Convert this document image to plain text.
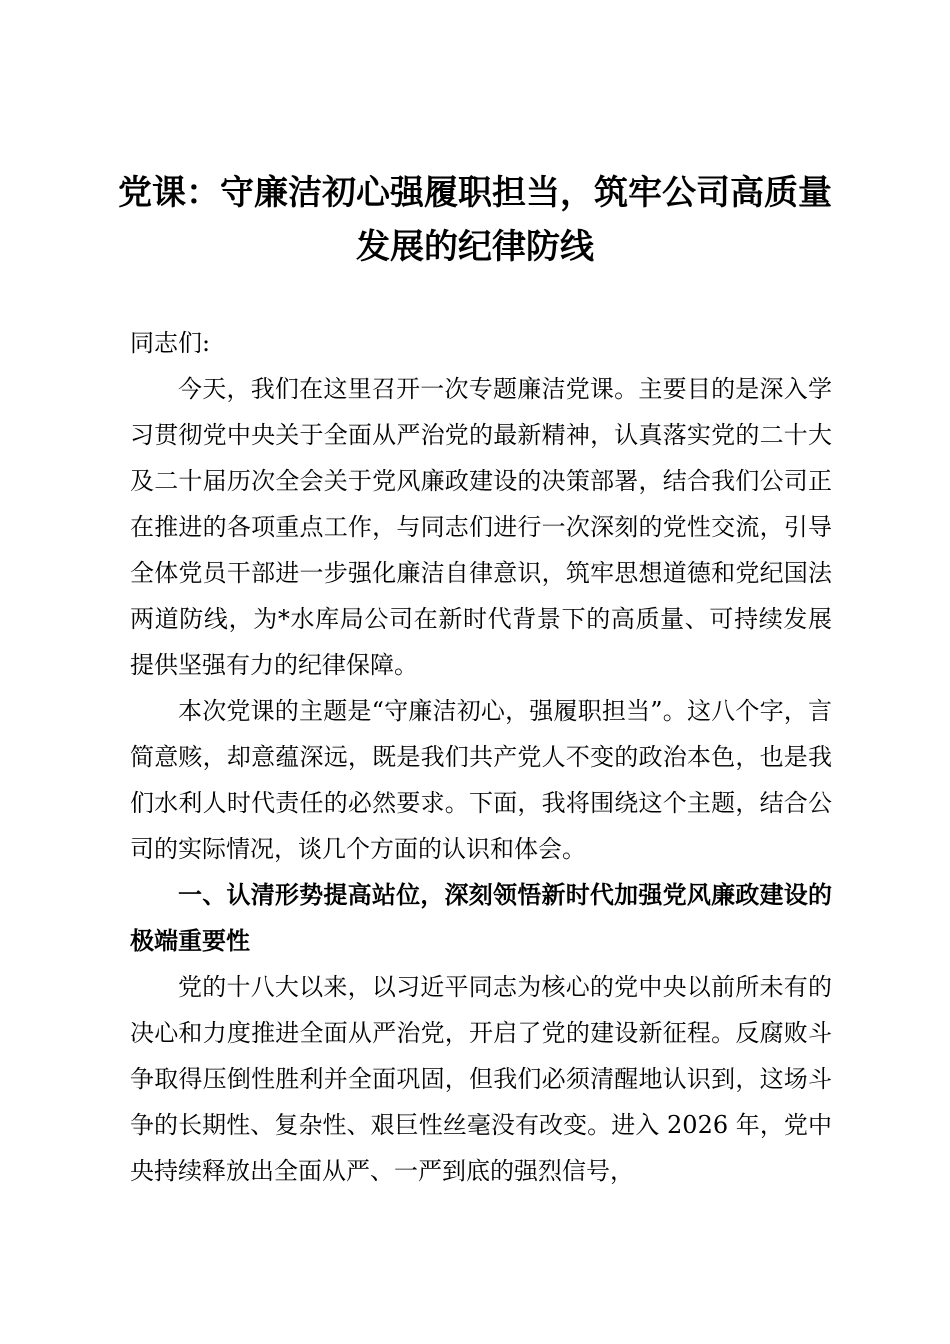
党课：守廉洁初心强履职担当，筑牢公司高质量发展的纪律防线

同志们:

今天，我们在这里召开一次专题廉洁党课。主要目的是深入学习贯彻党中央关于全面从严治党的最新精神，认真落实党的二十大及二十届历次全会关于党风廉政建设的决策部署，结合我们公司正在推进的各项重点工作，与同志们进行一次深刻的党性交流，引导全体党员干部进一步强化廉洁自律意识，筑牢思想道德和党纪国法两道防线，为*水库局公司在新时代背景下的高质量、可持续发展提供坚强有力的纪律保障。

本次党课的主题是“守廉洁初心，强履职担当”。这八个字，言简意赅，却意蕴深远，既是我们共产党人不变的政治本色，也是我们水利人时代责任的必然要求。下面，我将围绕这个主题，结合公司的实际情况，谈几个方面的认识和体会。

一、认清形势提高站位，深刻领悟新时代加强党风廉政建设的极端重要性

党的十八大以来，以习近平同志为核心的党中央以前所未有的决心和力度推进全面从严治党，开启了党的建设新征程。反腐败斗争取得压倒性胜利并全面巩固，但我们必须清醒地认识到，这场斗争的长期性、复杂性、艰巨性丝毫没有改变。进入 2026 年，党中央持续释放出全面从严、一严到底的强烈信号，
